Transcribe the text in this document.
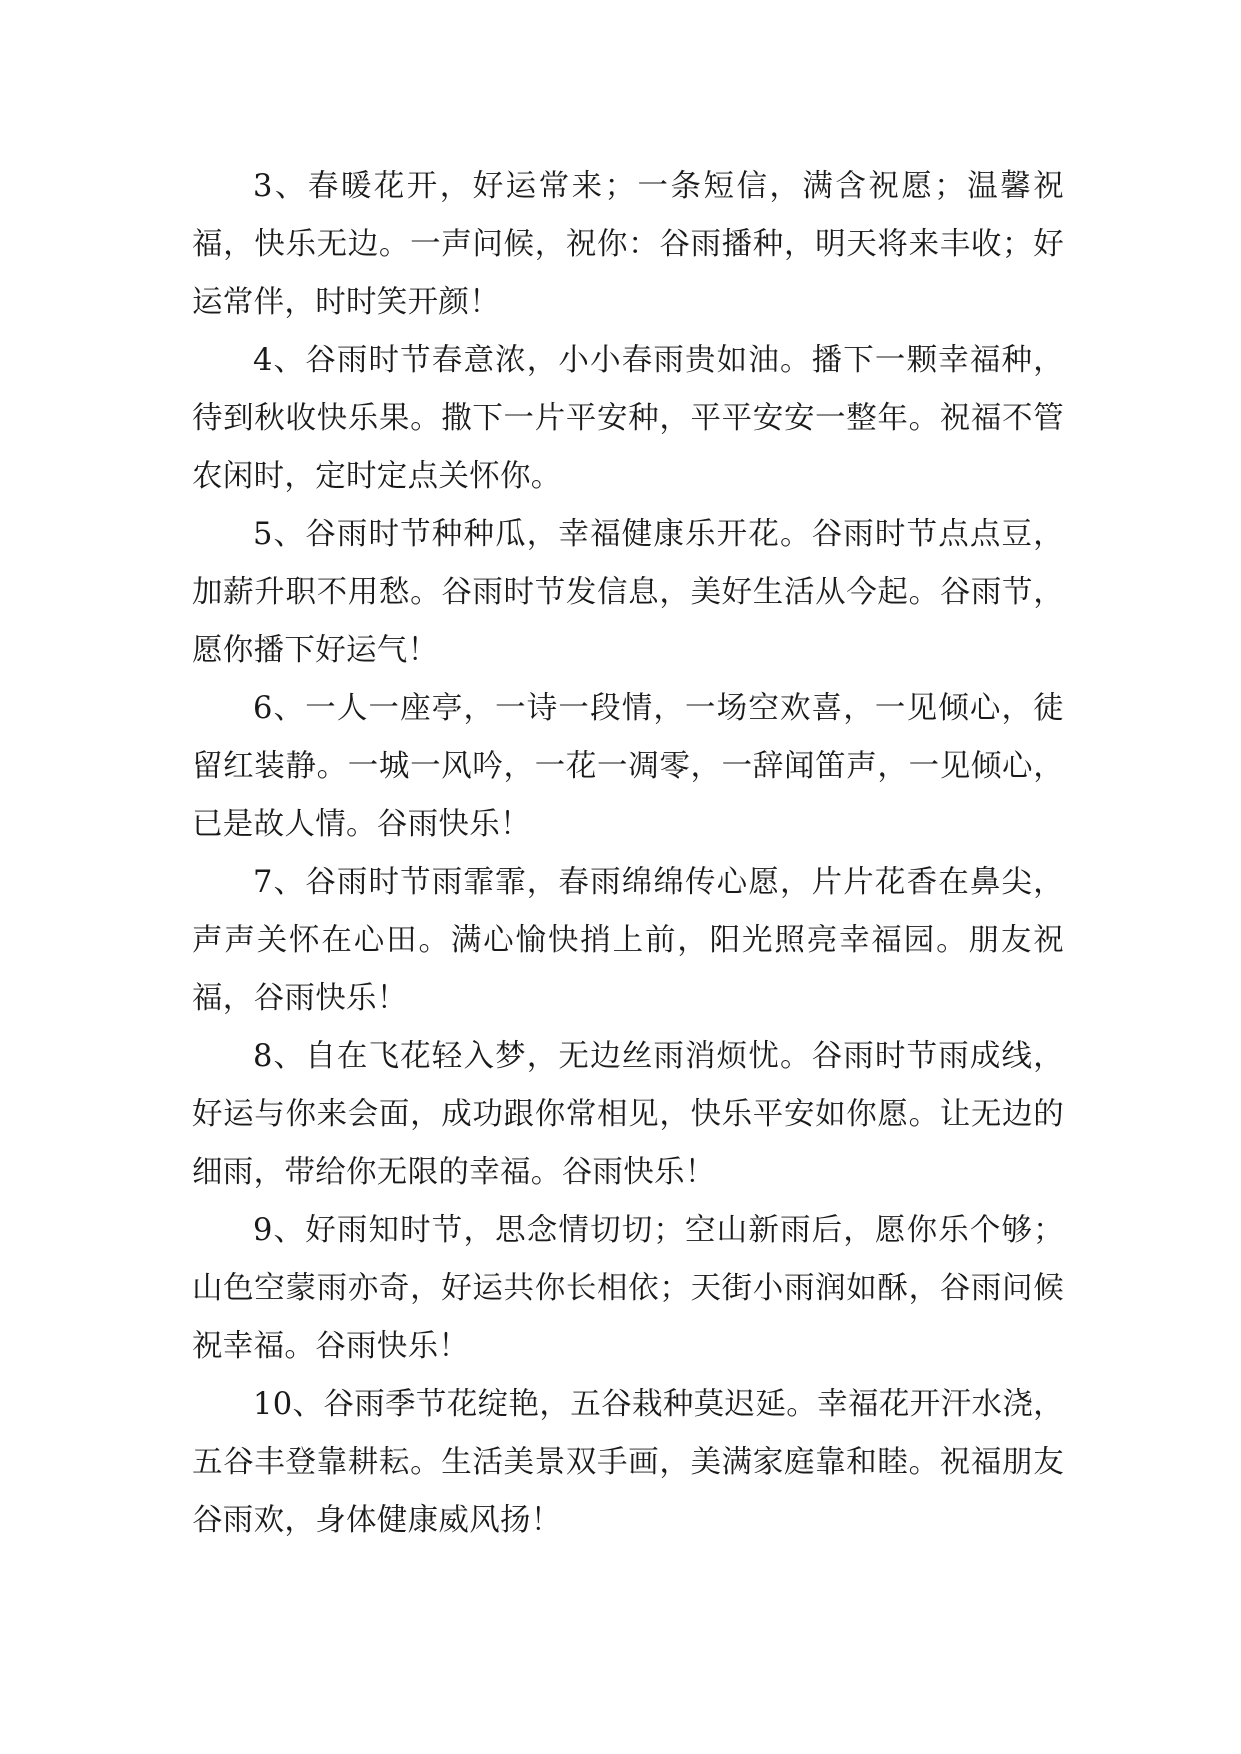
3、春暖花开，好运常来；一条短信，满含祝愿；温馨祝福，快乐无边。一声问候，祝你：谷雨播种，明天将来丰收；好运常伴，时时笑开颜！

4、谷雨时节春意浓，小小春雨贵如油。播下一颗幸福种，待到秋收快乐果。撒下一片平安种，平平安安一整年。祝福不管农闲时，定时定点关怀你。

5、谷雨时节种种瓜，幸福健康乐开花。谷雨时节点点豆，加薪升职不用愁。谷雨时节发信息，美好生活从今起。谷雨节，愿你播下好运气！

6、一人一座亭，一诗一段情，一场空欢喜，一见倾心，徒留红装静。一城一风吟，一花一凋零，一辞闻笛声，一见倾心，已是故人情。谷雨快乐！

7、谷雨时节雨霏霏，春雨绵绵传心愿，片片花香在鼻尖，声声关怀在心田。满心愉快捎上前，阳光照亮幸福园。朋友祝福，谷雨快乐！

8、自在飞花轻入梦，无边丝雨消烦忧。谷雨时节雨成线，好运与你来会面，成功跟你常相见，快乐平安如你愿。让无边的细雨，带给你无限的幸福。谷雨快乐！

9、好雨知时节，思念情切切；空山新雨后，愿你乐个够；山色空蒙雨亦奇，好运共你长相依；天街小雨润如酥，谷雨问候祝幸福。谷雨快乐！

10、谷雨季节花绽艳，五谷栽种莫迟延。幸福花开汗水浇，五谷丰登靠耕耘。生活美景双手画，美满家庭靠和睦。祝福朋友谷雨欢，身体健康威风扬！
